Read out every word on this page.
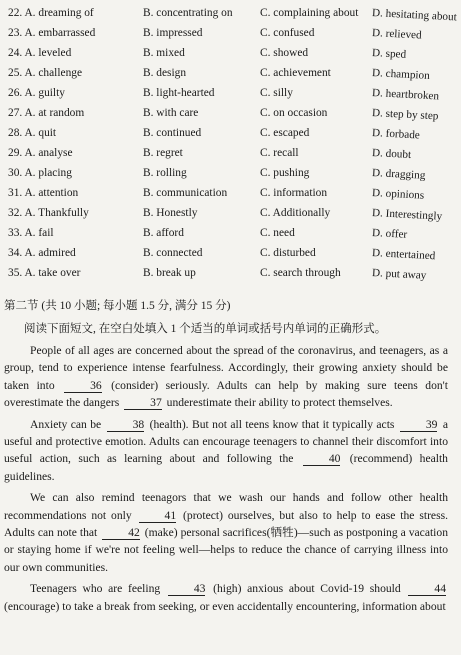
22. A. dreaming of	B. concentrating on C. complaining about D. hesitating about
23. A. embarrassed	B. impressed	C. confused	D. relieved
24. A. leveled	B. mixed	C. showed	D. sped
25. A. challenge	B. design	C. achievement	D. champion
26. A. guilty	B. light-hearted	C. silly	D. heartbroken
27. A. at random	B. with care	C. on occasion	D. step by step
28. A. quit	B. continued	C. escaped	D. forbade
29. A. analyse	B. regret	C. recall	D. doubt
30. A. placing	B. rolling	C. pushing	D. dragging
31. A. attention	B. communication	C. information	D. opinions
32. A. Thankfully	B. Honestly	C. Additionally	D. Interestingly
33. A. fail	B. afford	C. need	D. offer
34. A. admired	B. connected	C. disturbed	D. entertained
35. A. take over	B. break up	C. search through	D. put away
第二节 (共 10 小题; 每小题 1.5 分, 满分 15 分)
阅读下面短文, 在空白处填入 1 个适当的单词或括号内单词的正确形式。

People of all ages are concerned about the spread of the coronavirus, and teenagers, as a group, tend to experience intense fearfulness. Accordingly, their growing anxiety should be taken into 36 (consider) seriously. Adults can help by making sure teens don't overestimate the dangers 37 underestimate their ability to protect themselves.

Anxiety can be 38 (health). But not all teens know that it typically acts 39 a useful and protective emotion. Adults can encourage teenagers to channel their discomfort into useful action, such as learning about and following the 40 (recommend) health guidelines.

We can also remind teenagors that we wash our hands and follow other health recommendations not only 41 (protect) ourselves, but also to help to ease the stress. Adults can note that 42 (make) personal sacrifices(牺牲)—such as postponing a vacation or staying home if we're not feeling well—helps to reduce the chance of carrying illness into our own communities.

Teenagers who are feeling 43 (high) anxious about Covid-19 should 44 (encourage) to take a break from seeking, or even accidentally encountering, information about
